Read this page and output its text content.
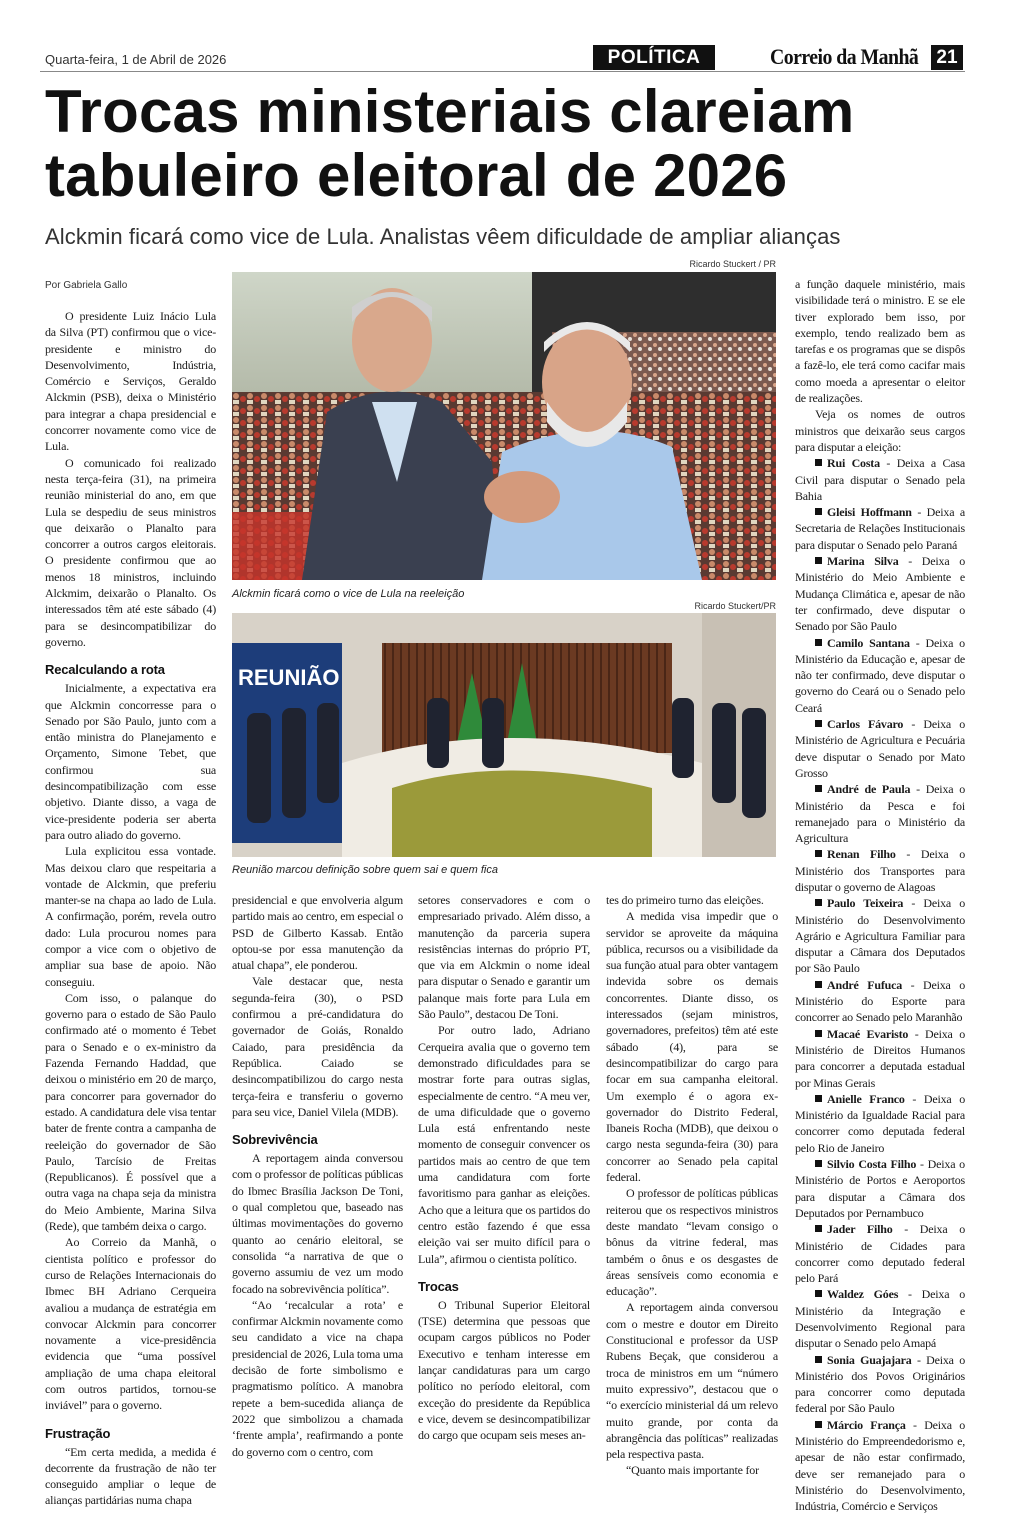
Quarta-feira, 1 de Abril de 2026	POLÍTICA	Correio da Manhã 21
Trocas ministeriais clareiam
tabuleiro eleitoral de 2026
Alckmin ficará como vice de Lula. Analistas vêem dificuldade de ampliar alianças
Por Gabriela Gallo
Ricardo Stuckert / PR
Alckmin ficará como o vice de Lula na reeleição
Ricardo Stuckert/PR
REUNIÃO
Reunião marcou definição sobre quem sai e quem fica

O presidente Luiz Inácio Lula da Silva (PT) confirmou que o vice-presidente e ministro do Desenvolvimento, Indústria, Comércio e Serviços, Geraldo Alckmin (PSB), deixa o Ministério para integrar a chapa presidencial e concorrer novamente como vice de Lula.

O comunicado foi realizado nesta terça-feira (31), na primeira reunião ministerial do ano, em que Lula se despediu de seus ministros que deixarão o Planalto para concorrer a outros cargos eleitorais. O presidente confirmou que ao menos 18 ministros, incluindo Alckmim, deixarão o Planalto. Os interessados têm até este sábado (4) para se desincompatibilizar do governo.

Recalculando a rota

Inicialmente, a expectativa era que Alckmin concorresse para o Senado por São Paulo, junto com a então ministra do Planejamento e Orçamento, Simone Tebet, que confirmou sua desincompatibilização com esse objetivo. Diante disso, a vaga de vice-presidente poderia ser aberta para outro aliado do governo.

Lula explicitou essa vontade. Mas deixou claro que respeitaria a vontade de Alckmin, que preferiu manter-se na chapa ao lado de Lula. A confirmação, porém, revela outro dado: Lula procurou nomes para compor a vice com o objetivo de ampliar sua base de apoio. Não conseguiu.

Com isso, o palanque do governo para o estado de São Paulo confirmado até o momento é Tebet para o Senado e o ex-ministro da Fazenda Fernando Haddad, que deixou o ministério em 20 de março, para concorrer para governador do estado. A candidatura dele visa tentar bater de frente contra a campanha de reeleição do governador de São Paulo, Tarcísio de Freitas (Republicanos). É possível que a outra vaga na chapa seja da ministra do Meio Ambiente, Marina Silva (Rede), que também deixa o cargo.

Ao Correio da Manhã, o cientista político e professor do curso de Relações Internacionais do Ibmec BH Adriano Cerqueira avaliou a mudança de estratégia em convocar Alckmin para concorrer novamente a vice-presidência evidencia que “uma possível ampliação de uma chapa eleitoral com outros partidos, tornou-se inviável” para o governo.

Frustração

“Em certa medida, a medida é decorrente da frustração de não ter conseguido ampliar o leque de alianças partidárias numa chapa

presidencial e que envolveria algum partido mais ao centro, em especial o PSD de Gilberto Kassab. Então optou-se por essa manutenção da atual chapa”, ele ponderou.

Vale destacar que, nesta segunda-feira (30), o PSD confirmou a pré-candidatura do governador de Goiás, Ronaldo Caiado, para presidência da República. Caiado se desincompatibilizou do cargo nesta terça-feira e transferiu o governo para seu vice, Daniel Vilela (MDB).

Sobrevivência

A reportagem ainda conversou com o professor de políticas públicas do Ibmec Brasília Jackson De Toni, o qual completou que, baseado nas últimas movimentações do governo quanto ao cenário eleitoral, se consolida “a narrativa de que o governo assumiu de vez um modo focado na sobrevivência política”.

“Ao ‘recalcular a rota’ e confirmar Alckmin novamente como seu candidato a vice na chapa presidencial de 2026, Lula toma uma decisão de forte simbolismo e pragmatismo político. A manobra repete a bem-sucedida aliança de 2022 que simbolizou a chamada ‘frente ampla’, reafirmando a ponte do governo com o centro, com

setores conservadores e com o empresariado privado. Além disso, a manutenção da parceria supera resistências internas do próprio PT, que via em Alckmin o nome ideal para disputar o Senado e garantir um palanque mais forte para Lula em São Paulo”, destacou De Toni.

Por outro lado, Adriano Cerqueira avalia que o governo tem demonstrado dificuldades para se mostrar forte para outras siglas, especialmente de centro. “A meu ver, de uma dificuldade que o governo Lula está enfrentando neste momento de conseguir convencer os partidos mais ao centro de que tem uma candidatura com forte favoritismo para ganhar as eleições. Acho que a leitura que os partidos do centro estão fazendo é que essa eleição vai ser muito difícil para o Lula”, afirmou o cientista político.

Trocas

O Tribunal Superior Eleitoral (TSE) determina que pessoas que ocupam cargos públicos no Poder Executivo e tenham interesse em lançar candidaturas para um cargo político no período eleitoral, com exceção do presidente da República e vice, devem se desincompatibilizar do cargo que ocupam seis meses an-

tes do primeiro turno das eleições.

A medida visa impedir que o servidor se aproveite da máquina pública, recursos ou a visibilidade da sua função atual para obter vantagem indevida sobre os demais concorrentes. Diante disso, os interessados (sejam ministros, governadores, prefeitos) têm até este sábado (4), para se desincompatibilizar do cargo para focar em sua campanha eleitoral. Um exemplo é o agora ex-governador do Distrito Federal, Ibaneis Rocha (MDB), que deixou o cargo nesta segunda-feira (30) para concorrer ao Senado pela capital federal.

O professor de políticas públicas reiterou que os respectivos ministros deste mandato “levam consigo o bônus da vitrine federal, mas também o ônus e os desgastes de áreas sensíveis como economia e educação”.

A reportagem ainda conversou com o mestre e doutor em Direito Constitucional e professor da USP Rubens Beçak, que considerou a troca de ministros em um “número muito expressivo”, destacou que o “o exercício ministerial dá um relevo muito grande, por conta da abrangência das políticas” realizadas pela respectiva pasta.

“Quanto mais importante for

a função daquele ministério, mais visibilidade terá o ministro. E se ele tiver explorado bem isso, por exemplo, tendo realizado bem as tarefas e os programas que se dispôs a fazê-lo, ele terá como cacifar mais como moeda a apresentar o eleitor de realizações.

Veja os nomes de outros ministros que deixarão seus cargos para disputar a eleição:

Rui Costa - Deixa a Casa Civil para disputar o Senado pela Bahia

Gleisi Hoffmann - Deixa a Secretaria de Relações Institucionais para disputar o Senado pelo Paraná

Marina Silva - Deixa o Ministério do Meio Ambiente e Mudança Climática e, apesar de não ter confirmado, deve disputar o Senado por São Paulo

Camilo Santana - Deixa o Ministério da Educação e, apesar de não ter confirmado, deve disputar o governo do Ceará ou o Senado pelo Ceará

Carlos Fávaro - Deixa o Ministério de Agricultura e Pecuária deve disputar o Senado por Mato Grosso

André de Paula - Deixa o Ministério da Pesca e foi remanejado para o Ministério da Agricultura

Renan Filho - Deixa o Ministério dos Transportes para disputar o governo de Alagoas

Paulo Teixeira - Deixa o Ministério do Desenvolvimento Agrário e Agricultura Familiar para disputar a Câmara dos Deputados por São Paulo

André Fufuca - Deixa o Ministério do Esporte para concorrer ao Senado pelo Maranhão

Macaé Evaristo - Deixa o Ministério de Direitos Humanos para concorrer a deputada estadual por Minas Gerais

Anielle Franco - Deixa o Ministério da Igualdade Racial para concorrer como deputada federal pelo Rio de Janeiro

Silvio Costa Filho - Deixa o Ministério de Portos e Aeroportos para disputar a Câmara dos Deputados por Pernambuco

Jader Filho - Deixa o Ministério de Cidades para concorrer como deputado federal pelo Pará

Waldez Góes - Deixa o Ministério da Integração e Desenvolvimento Regional para disputar o Senado pelo Amapá

Sonia Guajajara - Deixa o Ministério dos Povos Originários para concorrer como deputada federal por São Paulo

Márcio França - Deixa o Ministério do Empreendedorismo e, apesar de não estar confirmado, deve ser remanejado para o Ministério do Desenvolvimento, Indústria, Comércio e Serviços
